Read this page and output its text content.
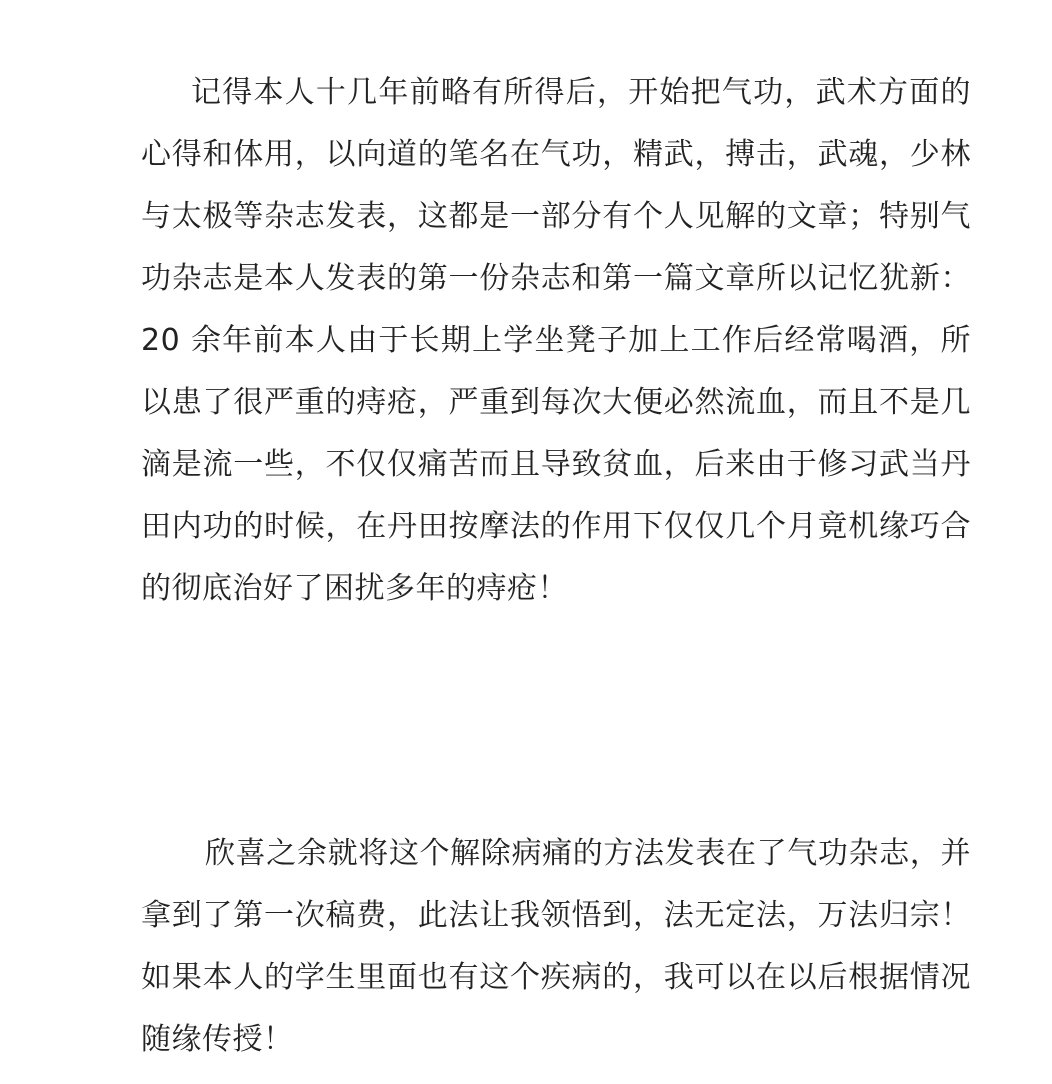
记得本人十几年前略有所得后，开始把气功，武术方面的心得和体用，以向道的笔名在气功，精武，搏击，武魂，少林与太极等杂志发表，这都是一部分有个人见解的文章；特别气功杂志是本人发表的第一份杂志和第一篇文章所以记忆犹新：20 余年前本人由于长期上学坐凳子加上工作后经常喝酒，所以患了很严重的痔疮，严重到每次大便必然流血，而且不是几滴是流一些，不仅仅痛苦而且导致贫血，后来由于修习武当丹田内功的时候，在丹田按摩法的作用下仅仅几个月竟机缘巧合的彻底治好了困扰多年的痔疮！

欣喜之余就将这个解除病痛的方法发表在了气功杂志，并拿到了第一次稿费，此法让我领悟到，法无定法，万法归宗！如果本人的学生里面也有这个疾病的，我可以在以后根据情况随缘传授！
